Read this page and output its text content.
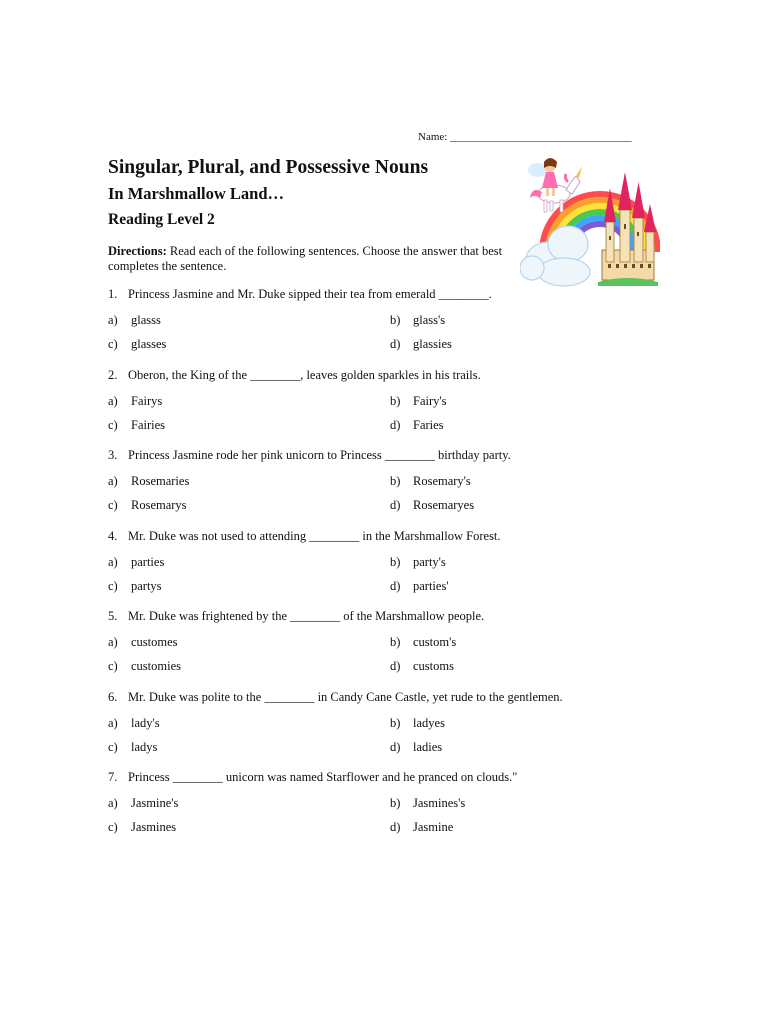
Name: _________________________________
Singular, Plural, and Possessive Nouns
In Marshmallow Land…
Reading Level 2
Directions: Read each of the following sentences. Choose the answer that best completes the sentence.
1. Princess Jasmine and Mr. Duke sipped their tea from emerald ________.
a) glasss	b) glass's
c) glasses	d) glassies
2. Oberon, the King of the ________, leaves golden sparkles in his trails.
a) Fairys	b) Fairy's
c) Fairies	d) Faries
3. Princess Jasmine rode her pink unicorn to Princess ________ birthday party.
a) Rosemaries	b) Rosemary's
c) Rosemarys	d) Rosemaryes
4. Mr. Duke was not used to attending ________ in the Marshmallow Forest.
a) parties	b) party's
c) partys	d) parties'
5. Mr. Duke was frightened by the ________ of the Marshmallow people.
a) customes	b) custom's
c) customies	d) customs
6. Mr. Duke was polite to the ________ in Candy Cane Castle, yet rude to the gentlemen.
a) lady's	b) ladyes
c) ladys	d) ladies
7. Princess ________ unicorn was named Starflower and he pranced on clouds."
a) Jasmine's	b) Jasmines's
c) Jasmines	d) Jasmine
